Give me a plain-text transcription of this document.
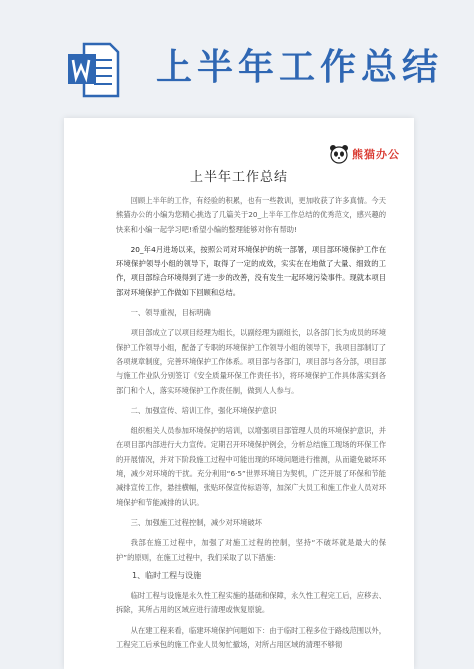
上半年工作总结
熊猫办公
上半年工作总结

回顾上半年的工作，有经验的积累，也有一些教训，更加收获了许多真情。今天熊猫办公的小编为您精心挑选了几篇关于20_上半年工作总结的优秀范文，感兴趣的快来和小编一起学习吧!希望小编的整理能够对你有帮助!

20_年4月进场以来，按照公司对环境保护的统一部署，项目部环境保护工作在环境保护领导小组的领导下，取得了一定的成效，实实在在地做了大量、细致的工作，项目部综合环境得到了进一步的改善，没有发生一起环境污染事件。现就本项目部对环境保护工作做如下回顾和总结。

一、领导重视，目标明确

项目部成立了以项目经理为组长，以副经理为副组长，以各部门长为成员的环境保护工作领导小组，配备了专职的环境保护工作领导小组的领导下，我项目部制订了各项规章制度，完善环境保护工作体系。项目部与各部门，项目部与各分部，项目部与施工作业队分别签订《安全质量环保工作责任书》，将环境保护工作具体落实到各部门和个人，落实环境保护工作责任制，做到人人参与。

二、加强宣传、培训工作，强化环境保护意识

组织相关人员参加环境保护的培训，以增强项目部管理人员的环境保护意识，并在项目部内部进行大力宣传。定期召开环境保护例会，分析总结施工现场的环保工作的开展情况，并对下阶段施工过程中可能出现的环境问题进行推测，从而避免破坏环境，减少对环境的干扰。充分利用“6·5”世界环境日为契机，广泛开展了环保和节能减排宣传工作，悬挂横幅，张贴环保宣传标语等，加深广大员工和施工作业人员对环境保护和节能减排的认识。

三、加强施工过程控制，减少对环境破坏

我部在施工过程中，加强了对施工过程的控制，坚持“不破坏就是最大的保护”的原则，在施工过程中，我们采取了以下措施：

1、临时工程与设施

临时工程与设施是永久性工程实施的基础和保障，永久性工程完工后，应移去、拆除，其所占用的区域应进行清理或恢复原貌。

从在建工程来看，临建环境保护问题如下：由于临时工程多位于路线范围以外，工程完工后承包的施工作业人员匆忙撤场，对所占用区域的清理不够彻
